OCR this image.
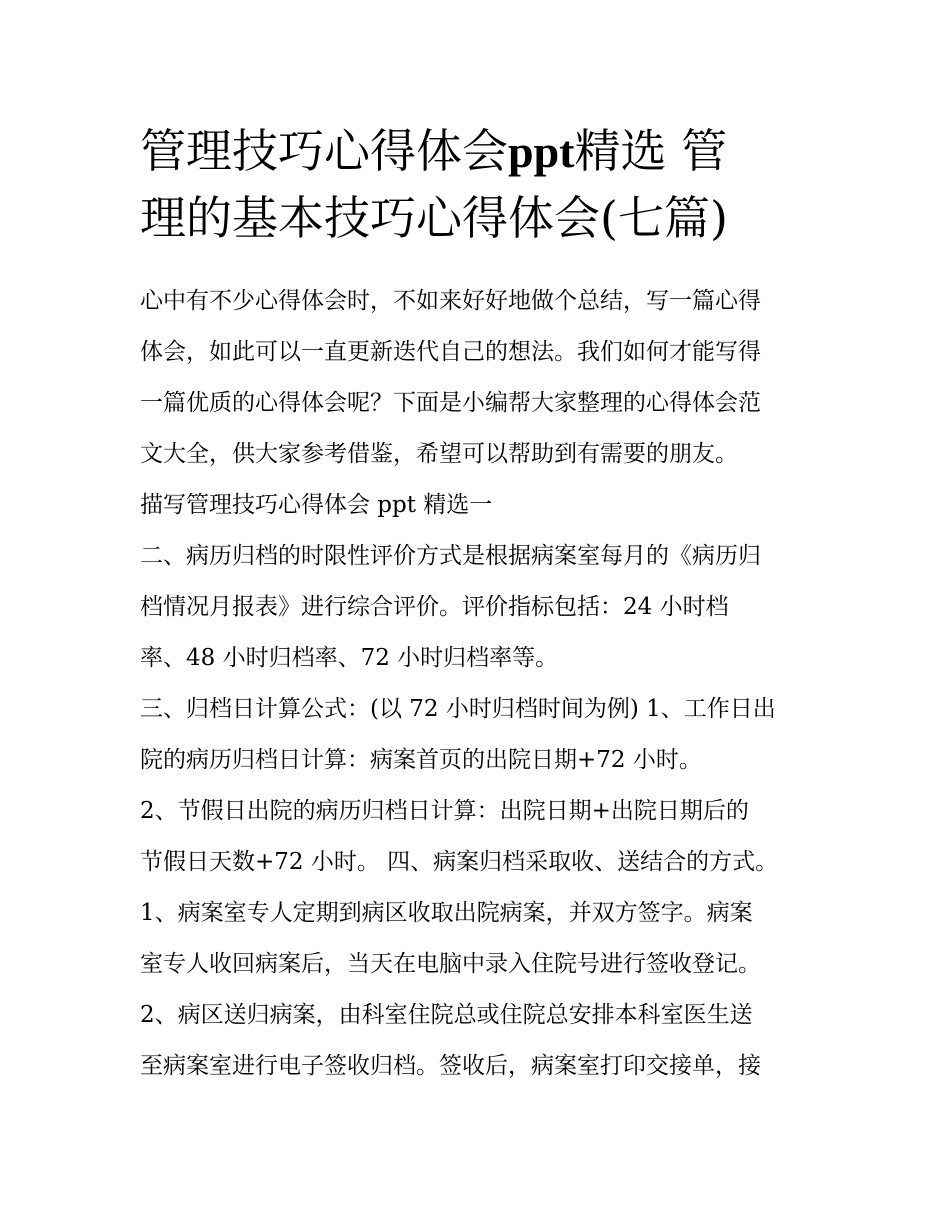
管理技巧心得体会ppt精选 管
理的基本技巧心得体会(七篇)
心中有不少心得体会时，不如来好好地做个总结，写一篇心得
体会，如此可以一直更新迭代自己的想法。我们如何才能写得
一篇优质的心得体会呢？下面是小编帮大家整理的心得体会范
文大全，供大家参考借鉴，希望可以帮助到有需要的朋友。
描写管理技巧心得体会 ppt 精选一
二、病历归档的时限性评价方式是根据病案室每月的《病历归
档情况月报表》进行综合评价。评价指标包括：24 小时档
率、48 小时归档率、72 小时归档率等。
三、归档日计算公式：(以 72 小时归档时间为例) 1、工作日出
院的病历归档日计算：病案首页的出院日期+72 小时。
2、节假日出院的病历归档日计算：出院日期+出院日期后的
节假日天数+72 小时。 四、病案归档采取收、送结合的方式。
1、病案室专人定期到病区收取出院病案，并双方签字。病案
室专人收回病案后，当天在电脑中录入住院号进行签收登记。
2、病区送归病案，由科室住院总或住院总安排本科室医生送
至病案室进行电子签收归档。签收后，病案室打印交接单，接
